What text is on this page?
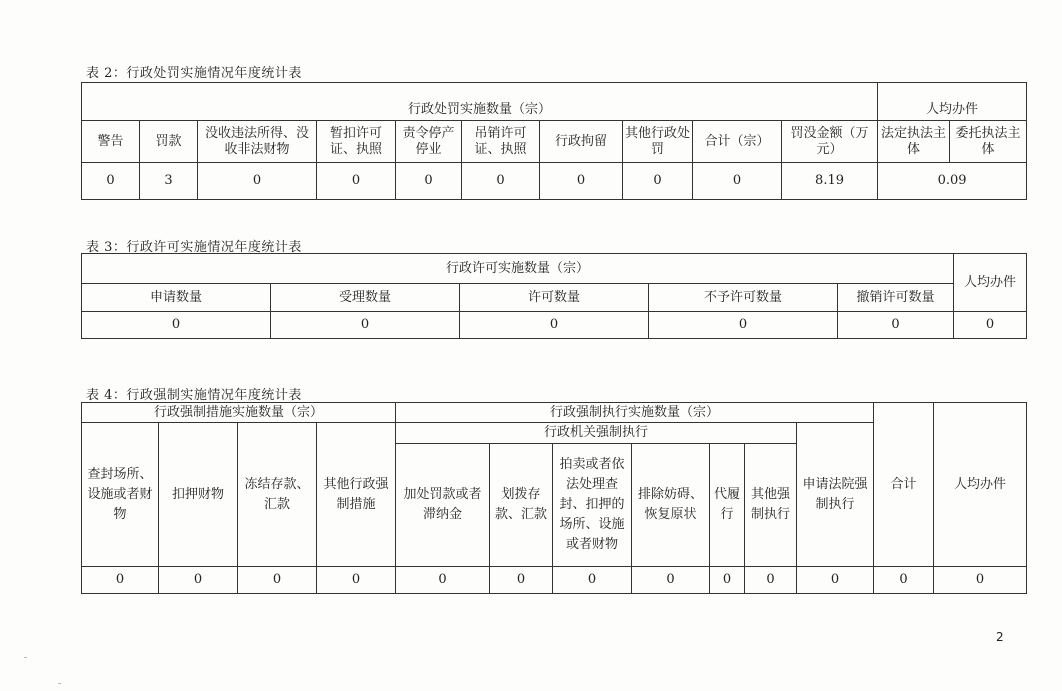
表 2：行政处罚实施情况年度统计表
行政处罚实施数量（宗）										人均办件	
警告	罚款	没收违法所得、没收非法财物	暂扣许可证、执照	责令停产停业	吊销许可证、执照	行政拘留	其他行政处罚	合计（宗）	罚没金额（万元）	法定执法主体	委托执法主体
0	3	0	0	0	0	0	0	0	8.19	0.09	
表 3：行政许可实施情况年度统计表
行政许可实施数量（宗）					人均办件
申请数量	受理数量	许可数量	不予许可数量	撤销许可数量	
0	0	0	0	0	0
表 4：行政强制实施情况年度统计表
行政强制措施实施数量（宗）				行政强制执行实施数量（宗）							合计	人均办件
查封场所、设施或者财物	扣押财物	冻结存款、汇款	其他行政强制措施	行政机关强制执行						申请法院强制执行		
				加处罚款或者滞纳金	划拨存款、汇款	拍卖或者依法处理查封、扣押的场所、设施或者财物	排除妨碍、恢复原状	代履行	其他强制执行			
0	0	0	0	0	0	0	0	0	0	0	0	0
2
